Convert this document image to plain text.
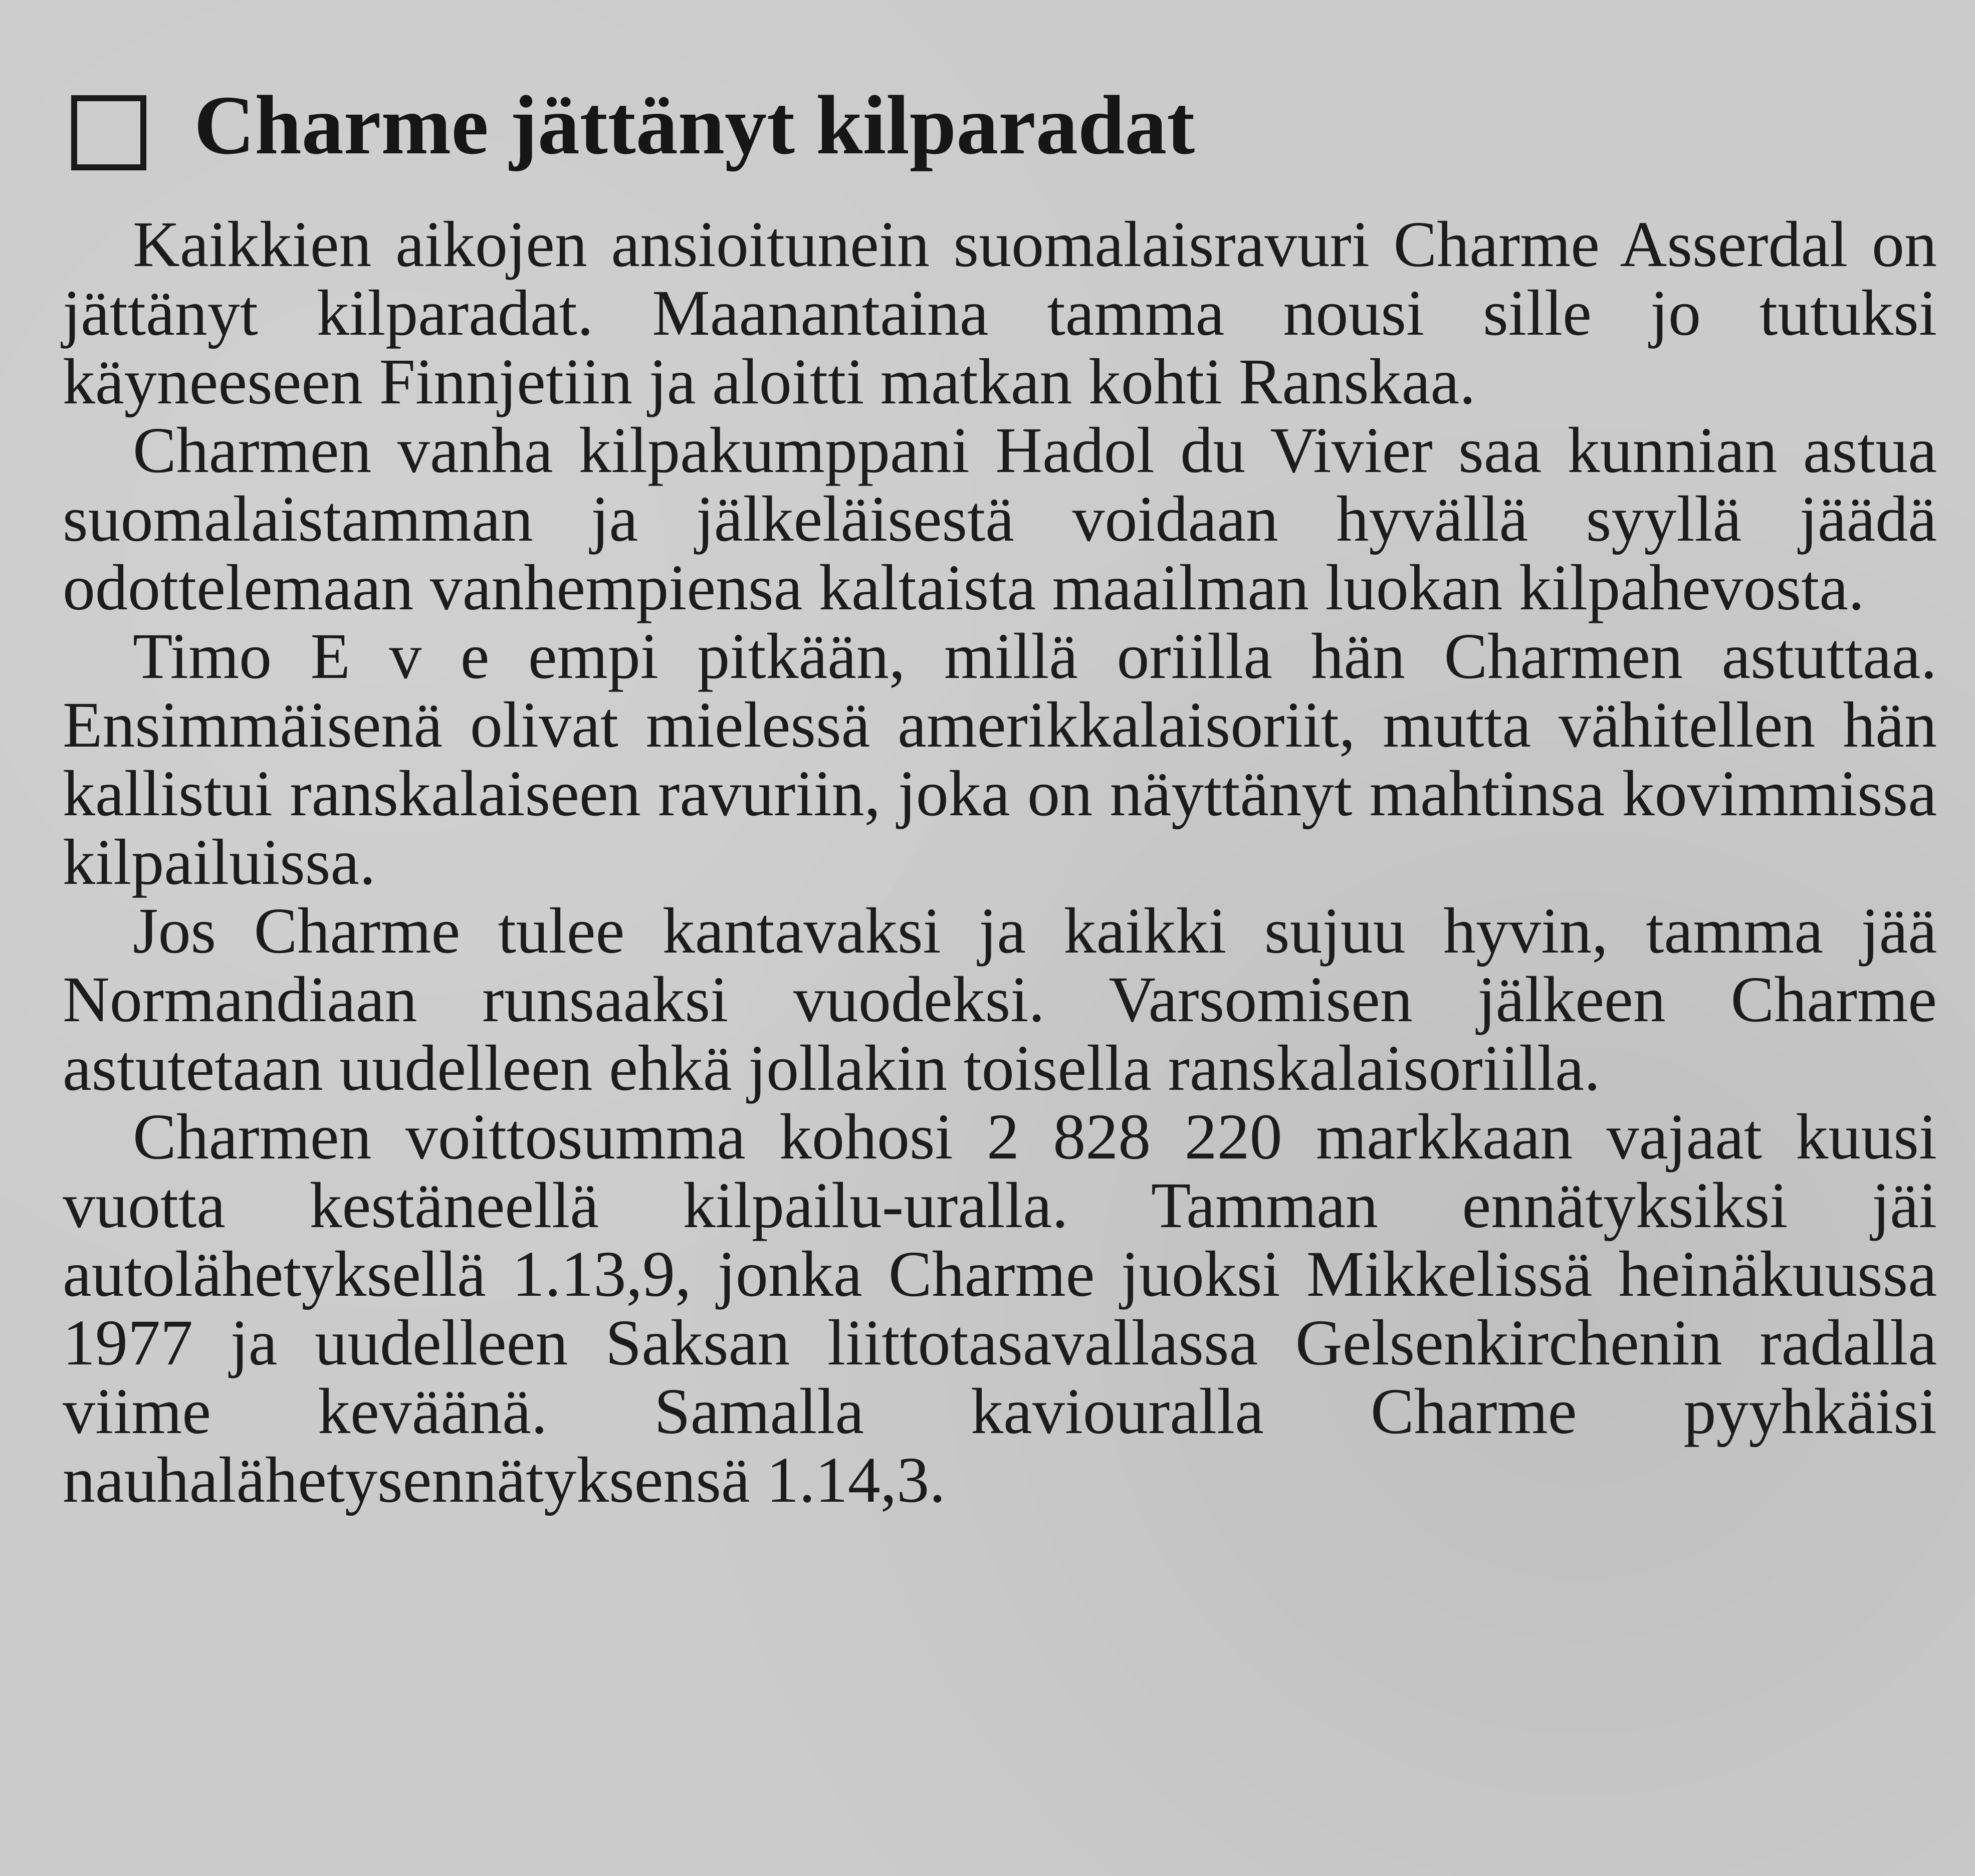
Charme jättänyt kilparadat

Kaikkien aikojen ansioitunein suomalaisravuri Charme Asserdal on jättänyt kilparadat. Maanantaina tamma nousi sille jo tutuksi käyneeseen Finnjetiin ja aloitti matkan kohti Ranskaa.

Charmen vanha kilpakumppani Hadol du Vivier saa kunnian astua suomalaistamman ja jälkeläisestä voidaan hyvällä syyllä jäädä odottelemaan vanhempiensa kaltaista maailman luokan kilpahevosta.

Timo E v e empi pitkään, millä oriilla hän Charmen astuttaa. Ensimmäisenä olivat mielessä amerikkalaisoriit, mutta vähitellen hän kallistui ranskalaiseen ravuriin, joka on näyttänyt mahtinsa kovimmissa kilpailuissa.

Jos Charme tulee kantavaksi ja kaikki sujuu hyvin, tamma jää Normandiaan runsaaksi vuodeksi. Varsomisen jälkeen Charme astutetaan uudelleen ehkä jollakin toisella ranskalaisoriilla.

Charmen voittosumma kohosi 2 828 220 markkaan vajaat kuusi vuotta kestäneellä kilpailu-uralla. Tamman ennätyksiksi jäi autolähetyksellä 1.13,9, jonka Charme juoksi Mikkelissä heinäkuussa 1977 ja uudelleen Saksan liittotasavallassa Gelsenkirchenin radalla viime keväänä. Samalla kaviouralla Charme pyyhkäisi nauhalähetysennätyksensä 1.14,3.
